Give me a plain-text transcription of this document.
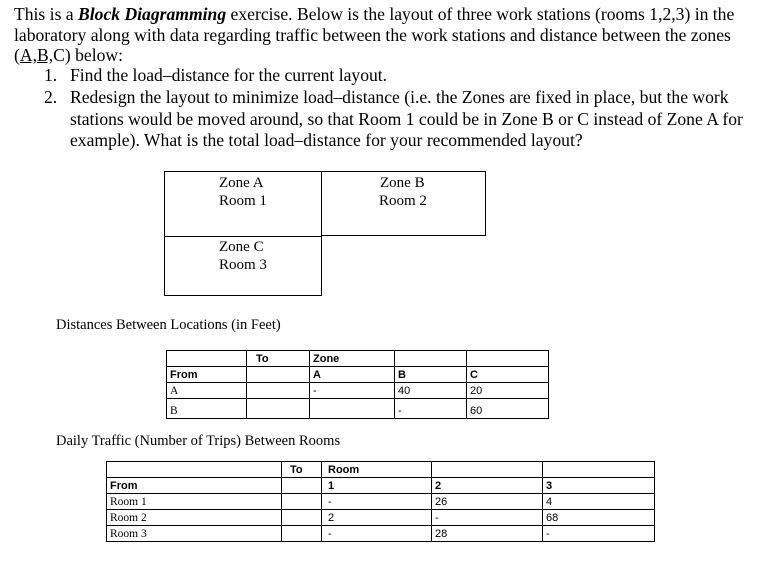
This is a Block Diagramming exercise. Below is the layout of three work stations (rooms 1,2,3) in the laboratory along with data regarding traffic between the work stations and distance between the zones (A,B,C) below:
1. Find the load–distance for the current layout.
2. Redesign the layout to minimize load–distance (i.e. the Zones are fixed in place, but the work stations would be moved around, so that Room 1 could be in Zone B or C instead of Zone A for example). What is the total load–distance for your recommended layout?
Zone A
Room 1
Zone B
Room 2
Zone C
Room 3
Distances Between Locations (in Feet)
	To	Zone		
From		A	B	C
A		-	40	20
B			-	60
Daily Traffic (Number of Trips) Between Rooms
	To	Room		
From		1	2	3
Room 1		-	26	4
Room 2		2	-	68
Room 3		-	28	-
